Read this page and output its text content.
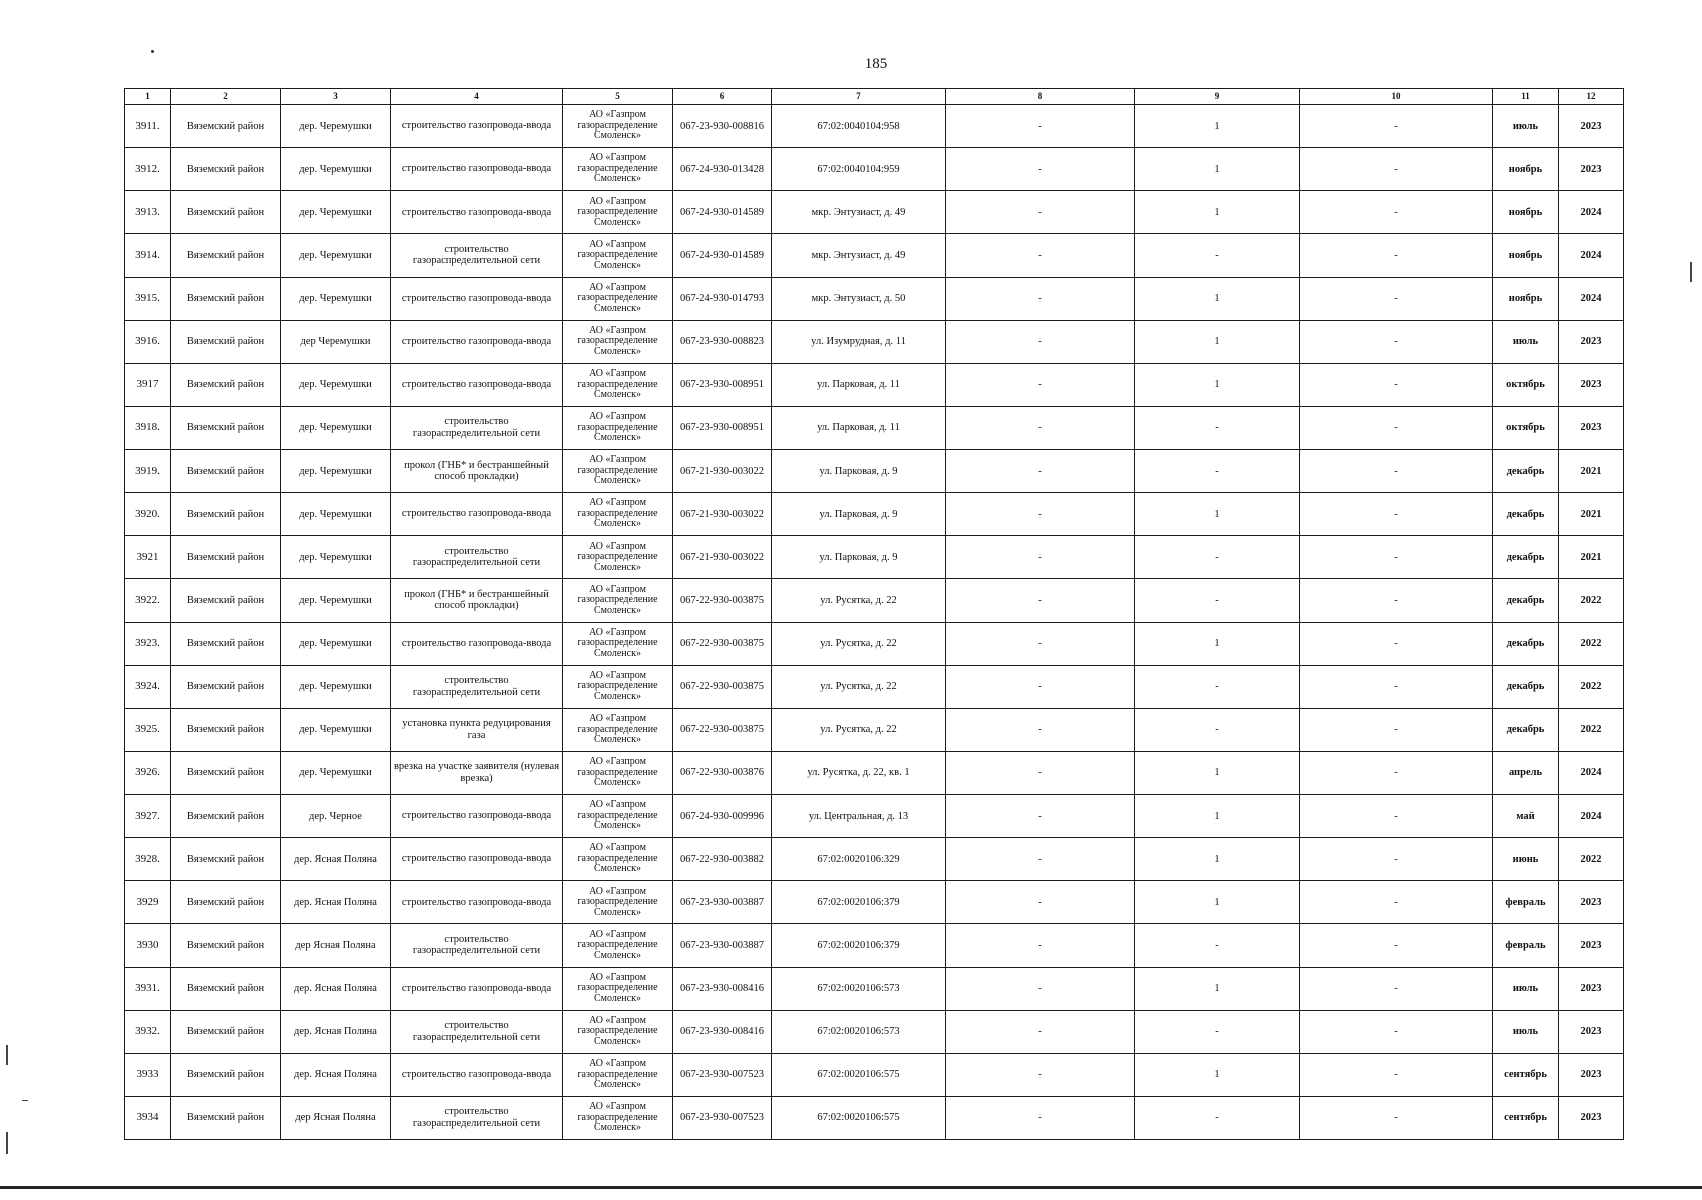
185
1	2	3	4	5	6	7	8	9	10	11	12
3911.	Вяземский район	дер. Черемушки	строительство газопровода-ввода	АО «Газпром газораспределение Смоленск»	067-23-930-008816	67:02:0040104:958	-	1	-	июль	2023
3912.	Вяземский район	дер. Черемушки	строительство газопровода-ввода	АО «Газпром газораспределение Смоленск»	067-24-930-013428	67:02:0040104:959	-	1	-	ноябрь	2023
3913.	Вяземский район	дер. Черемушки	строительство газопровода-ввода	АО «Газпром газораспределение Смоленск»	067-24-930-014589	мкр. Энтузиаст, д. 49	-	1	-	ноябрь	2024
3914.	Вяземский район	дер. Черемушки	строительство газораспределительной сети	АО «Газпром газораспределение Смоленск»	067-24-930-014589	мкр. Энтузиаст, д. 49	-	-	-	ноябрь	2024
3915.	Вяземский район	дер. Черемушки	строительство газопровода-ввода	АО «Газпром газораспределение Смоленск»	067-24-930-014793	мкр. Энтузиаст, д. 50	-	1	-	ноябрь	2024
3916.	Вяземский район	дер Черемушки	строительство газопровода-ввода	АО «Газпром газораспределение Смоленск»	067-23-930-008823	ул. Изумрудная, д. 11	-	1	-	июль	2023
3917	Вяземский район	дер. Черемушки	строительство газопровода-ввода	АО «Газпром газораспределение Смоленск»	067-23-930-008951	ул. Парковая, д. 11	-	1	-	октябрь	2023
3918.	Вяземский район	дер. Черемушки	строительство газораспределительной сети	АО «Газпром газораспределение Смоленск»	067-23-930-008951	ул. Парковая, д. 11	-	-	-	октябрь	2023
3919.	Вяземский район	дер. Черемушки	прокол (ГНБ* и бестраншейный способ прокладки)	АО «Газпром газораспределение Смоленск»	067-21-930-003022	ул. Парковая, д. 9	-	-	-	декабрь	2021
3920.	Вяземский район	дер. Черемушки	строительство газопровода-ввода	АО «Газпром газораспределение Смоленск»	067-21-930-003022	ул. Парковая, д. 9	-	1	-	декабрь	2021
3921	Вяземский район	дер. Черемушки	строительство газораспределительной сети	АО «Газпром газораспределение Смоленск»	067-21-930-003022	ул. Парковая, д. 9	-	-	-	декабрь	2021
3922.	Вяземский район	дер. Черемушки	прокол (ГНБ* и бестраншейный способ прокладки)	АО «Газпром газораспределение Смоленск»	067-22-930-003875	ул. Русятка, д. 22	-	-	-	декабрь	2022
3923.	Вяземский район	дер. Черемушки	строительство газопровода-ввода	АО «Газпром газораспределение Смоленск»	067-22-930-003875	ул. Русятка, д. 22	-	1	-	декабрь	2022
3924.	Вяземский район	дер. Черемушки	строительство газораспределительной сети	АО «Газпром газораспределение Смоленск»	067-22-930-003875	ул. Русятка, д. 22	-	-	-	декабрь	2022
3925.	Вяземский район	дер. Черемушки	установка пункта редуцирования газа	АО «Газпром газораспределение Смоленск»	067-22-930-003875	ул. Русятка, д. 22	-	-	-	декабрь	2022
3926.	Вяземский район	дер. Черемушки	врезка на участке заявителя (нулевая врезка)	АО «Газпром газораспределение Смоленск»	067-22-930-003876	ул. Русятка, д. 22, кв. 1	-	1	-	апрель	2024
3927.	Вяземский район	дер. Черное	строительство газопровода-ввода	АО «Газпром газораспределение Смоленск»	067-24-930-009996	ул. Центральная, д. 13	-	1	-	май	2024
3928.	Вяземский район	дер. Ясная Поляна	строительство газопровода-ввода	АО «Газпром газораспределение Смоленск»	067-22-930-003882	67:02:0020106:329	-	1	-	июнь	2022
3929	Вяземский район	дер. Ясная Поляна	строительство газопровода-ввода	АО «Газпром газораспределение Смоленск»	067-23-930-003887	67:02:0020106:379	-	1	-	февраль	2023
3930	Вяземский район	дер Ясная Поляна	строительство газораспределительной сети	АО «Газпром газораспределение Смоленск»	067-23-930-003887	67:02:0020106:379	-	-	-	февраль	2023
3931.	Вяземский район	дер. Ясная Поляна	строительство газопровода-ввода	АО «Газпром газораспределение Смоленск»	067-23-930-008416	67:02:0020106:573	-	1	-	июль	2023
3932.	Вяземский район	дер. Ясная Поляна	строительство газораспределительной сети	АО «Газпром газораспределение Смоленск»	067-23-930-008416	67:02:0020106:573	-	-	-	июль	2023
3933	Вяземский район	дер. Ясная Поляна	строительство газопровода-ввода	АО «Газпром газораспределение Смоленск»	067-23-930-007523	67:02:0020106:575	-	1	-	сентябрь	2023
3934	Вяземский район	дер Ясная Поляна	строительство газораспределительной сети	АО «Газпром газораспределение Смоленск»	067-23-930-007523	67:02:0020106:575	-	-	-	сентябрь	2023
